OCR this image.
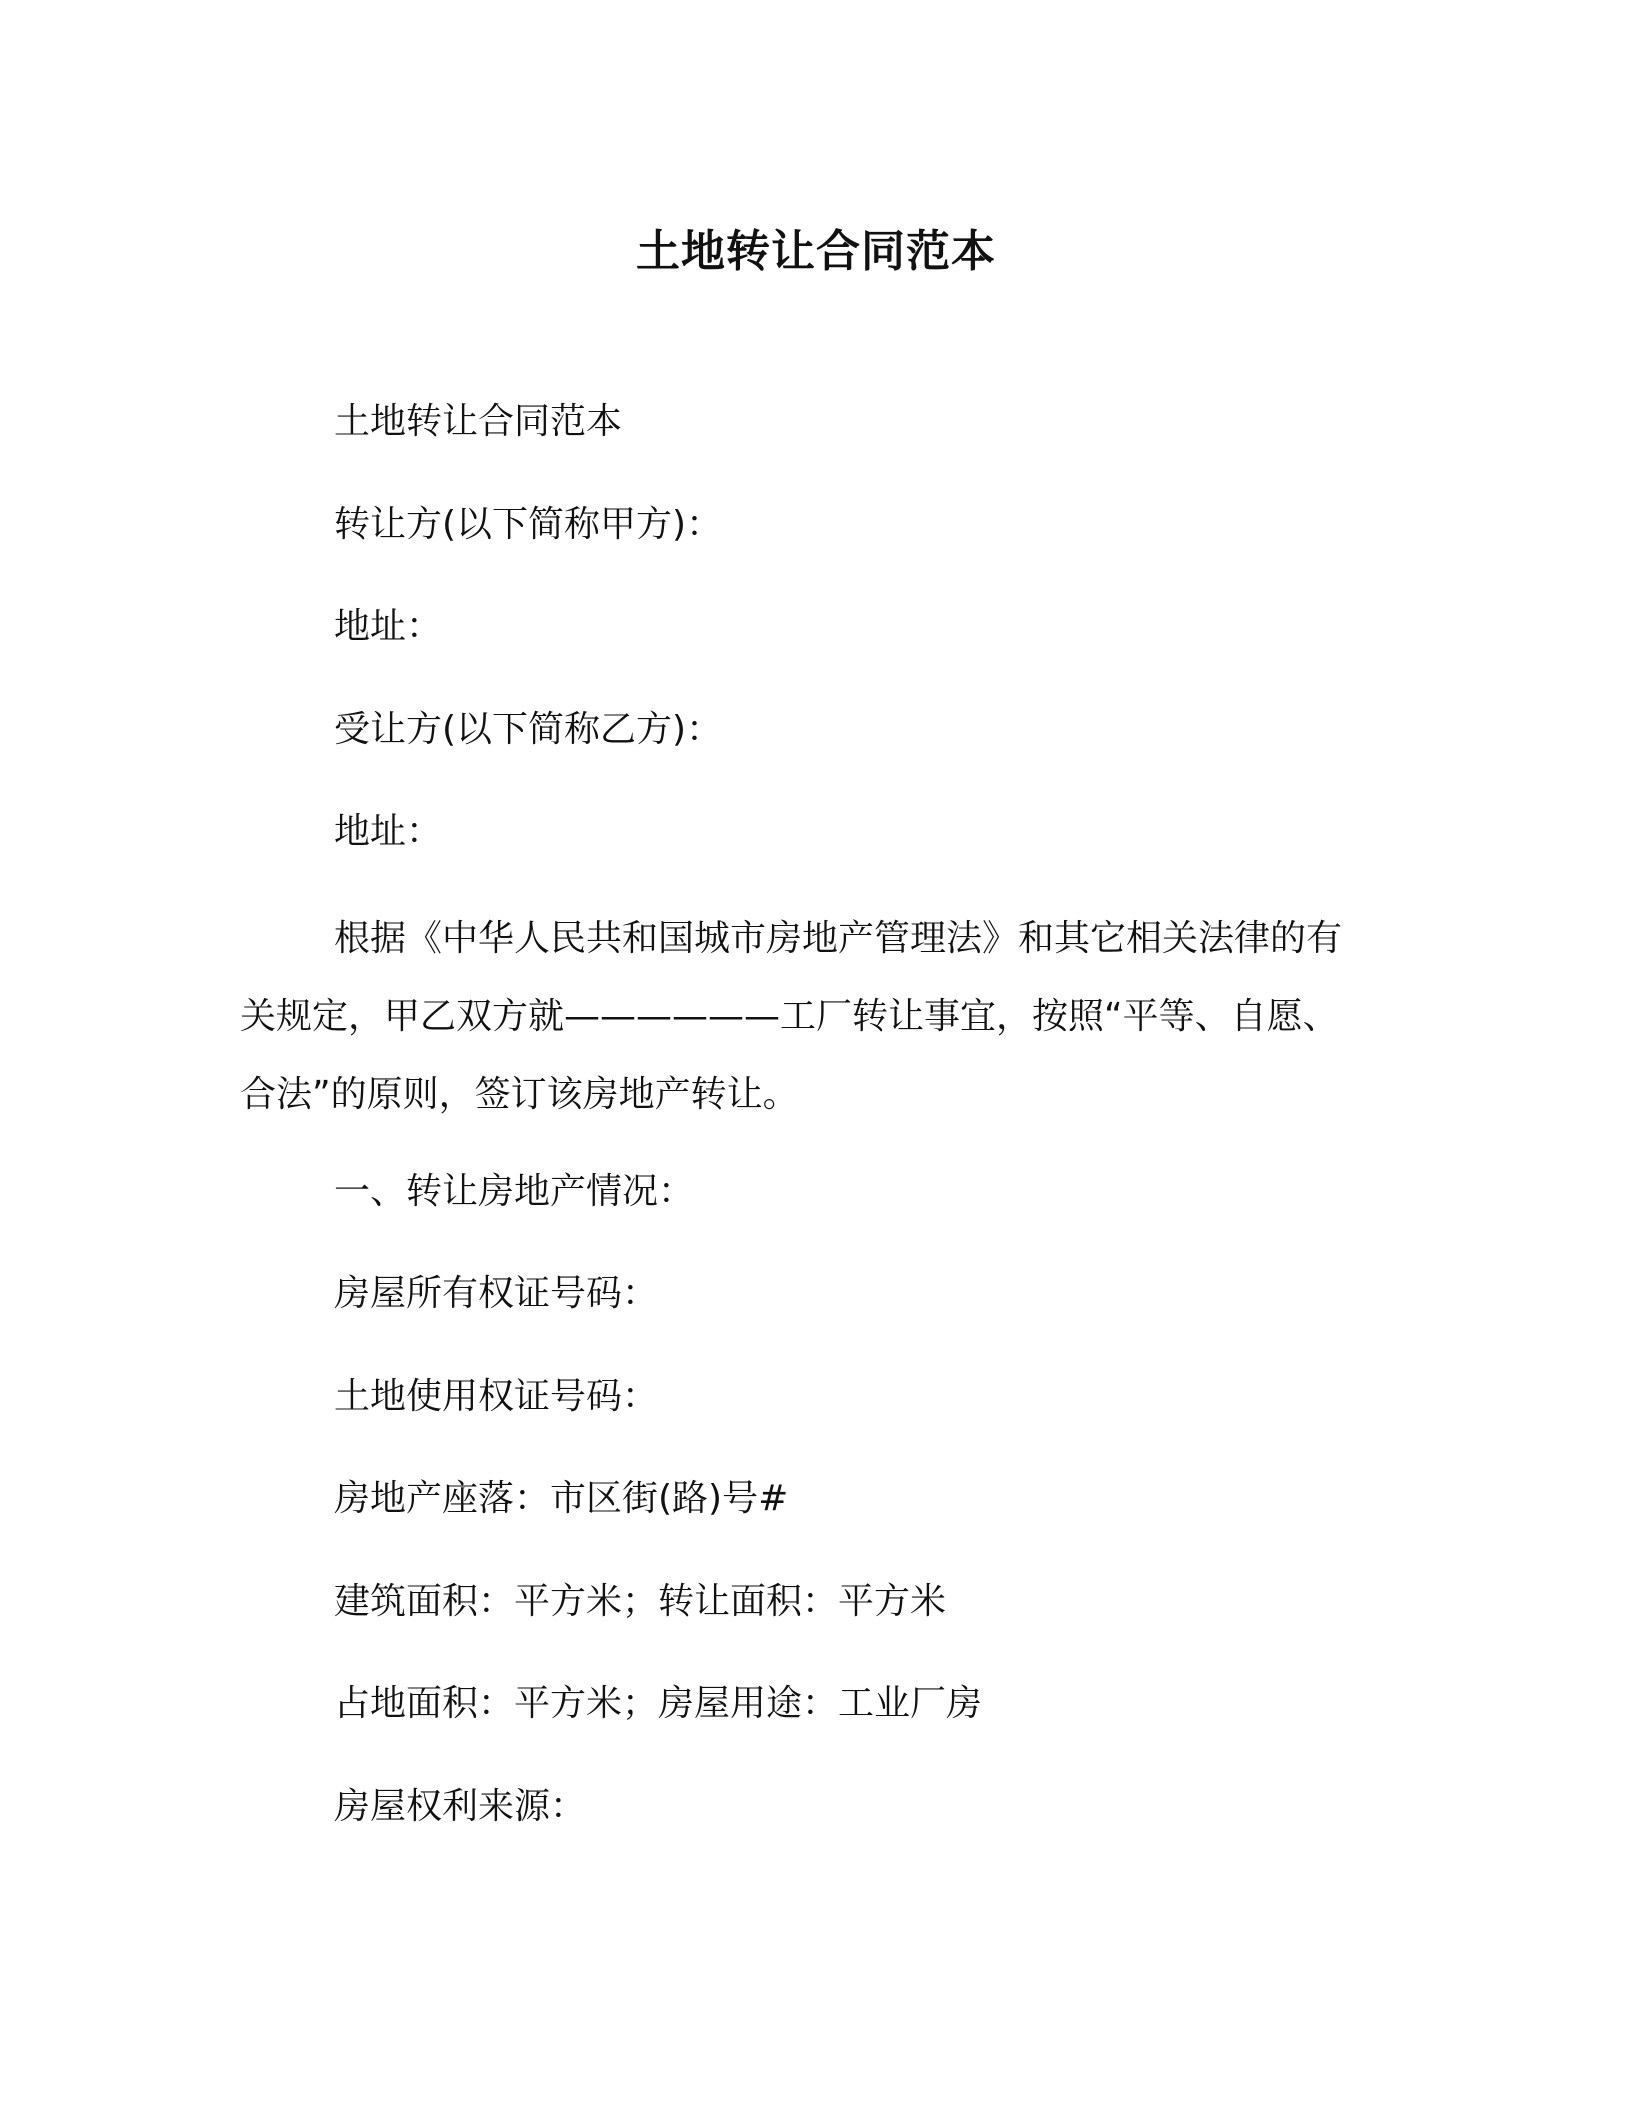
土地转让合同范本

土地转让合同范本

转让方(以下简称甲方)：

地址：

受让方(以下简称乙方)：

地址：

根据《中华人民共和国城市房地产管理法》和其它相关法律的有
关规定，甲乙双方就——————工厂转让事宜，按照“平等、自愿、
合法”的原则，签订该房地产转让。

一、转让房地产情况：

房屋所有权证号码：

土地使用权证号码：

房地产座落：市区街(路)号#

建筑面积：平方米；转让面积：平方米

占地面积：平方米；房屋用途：工业厂房

房屋权利来源：
